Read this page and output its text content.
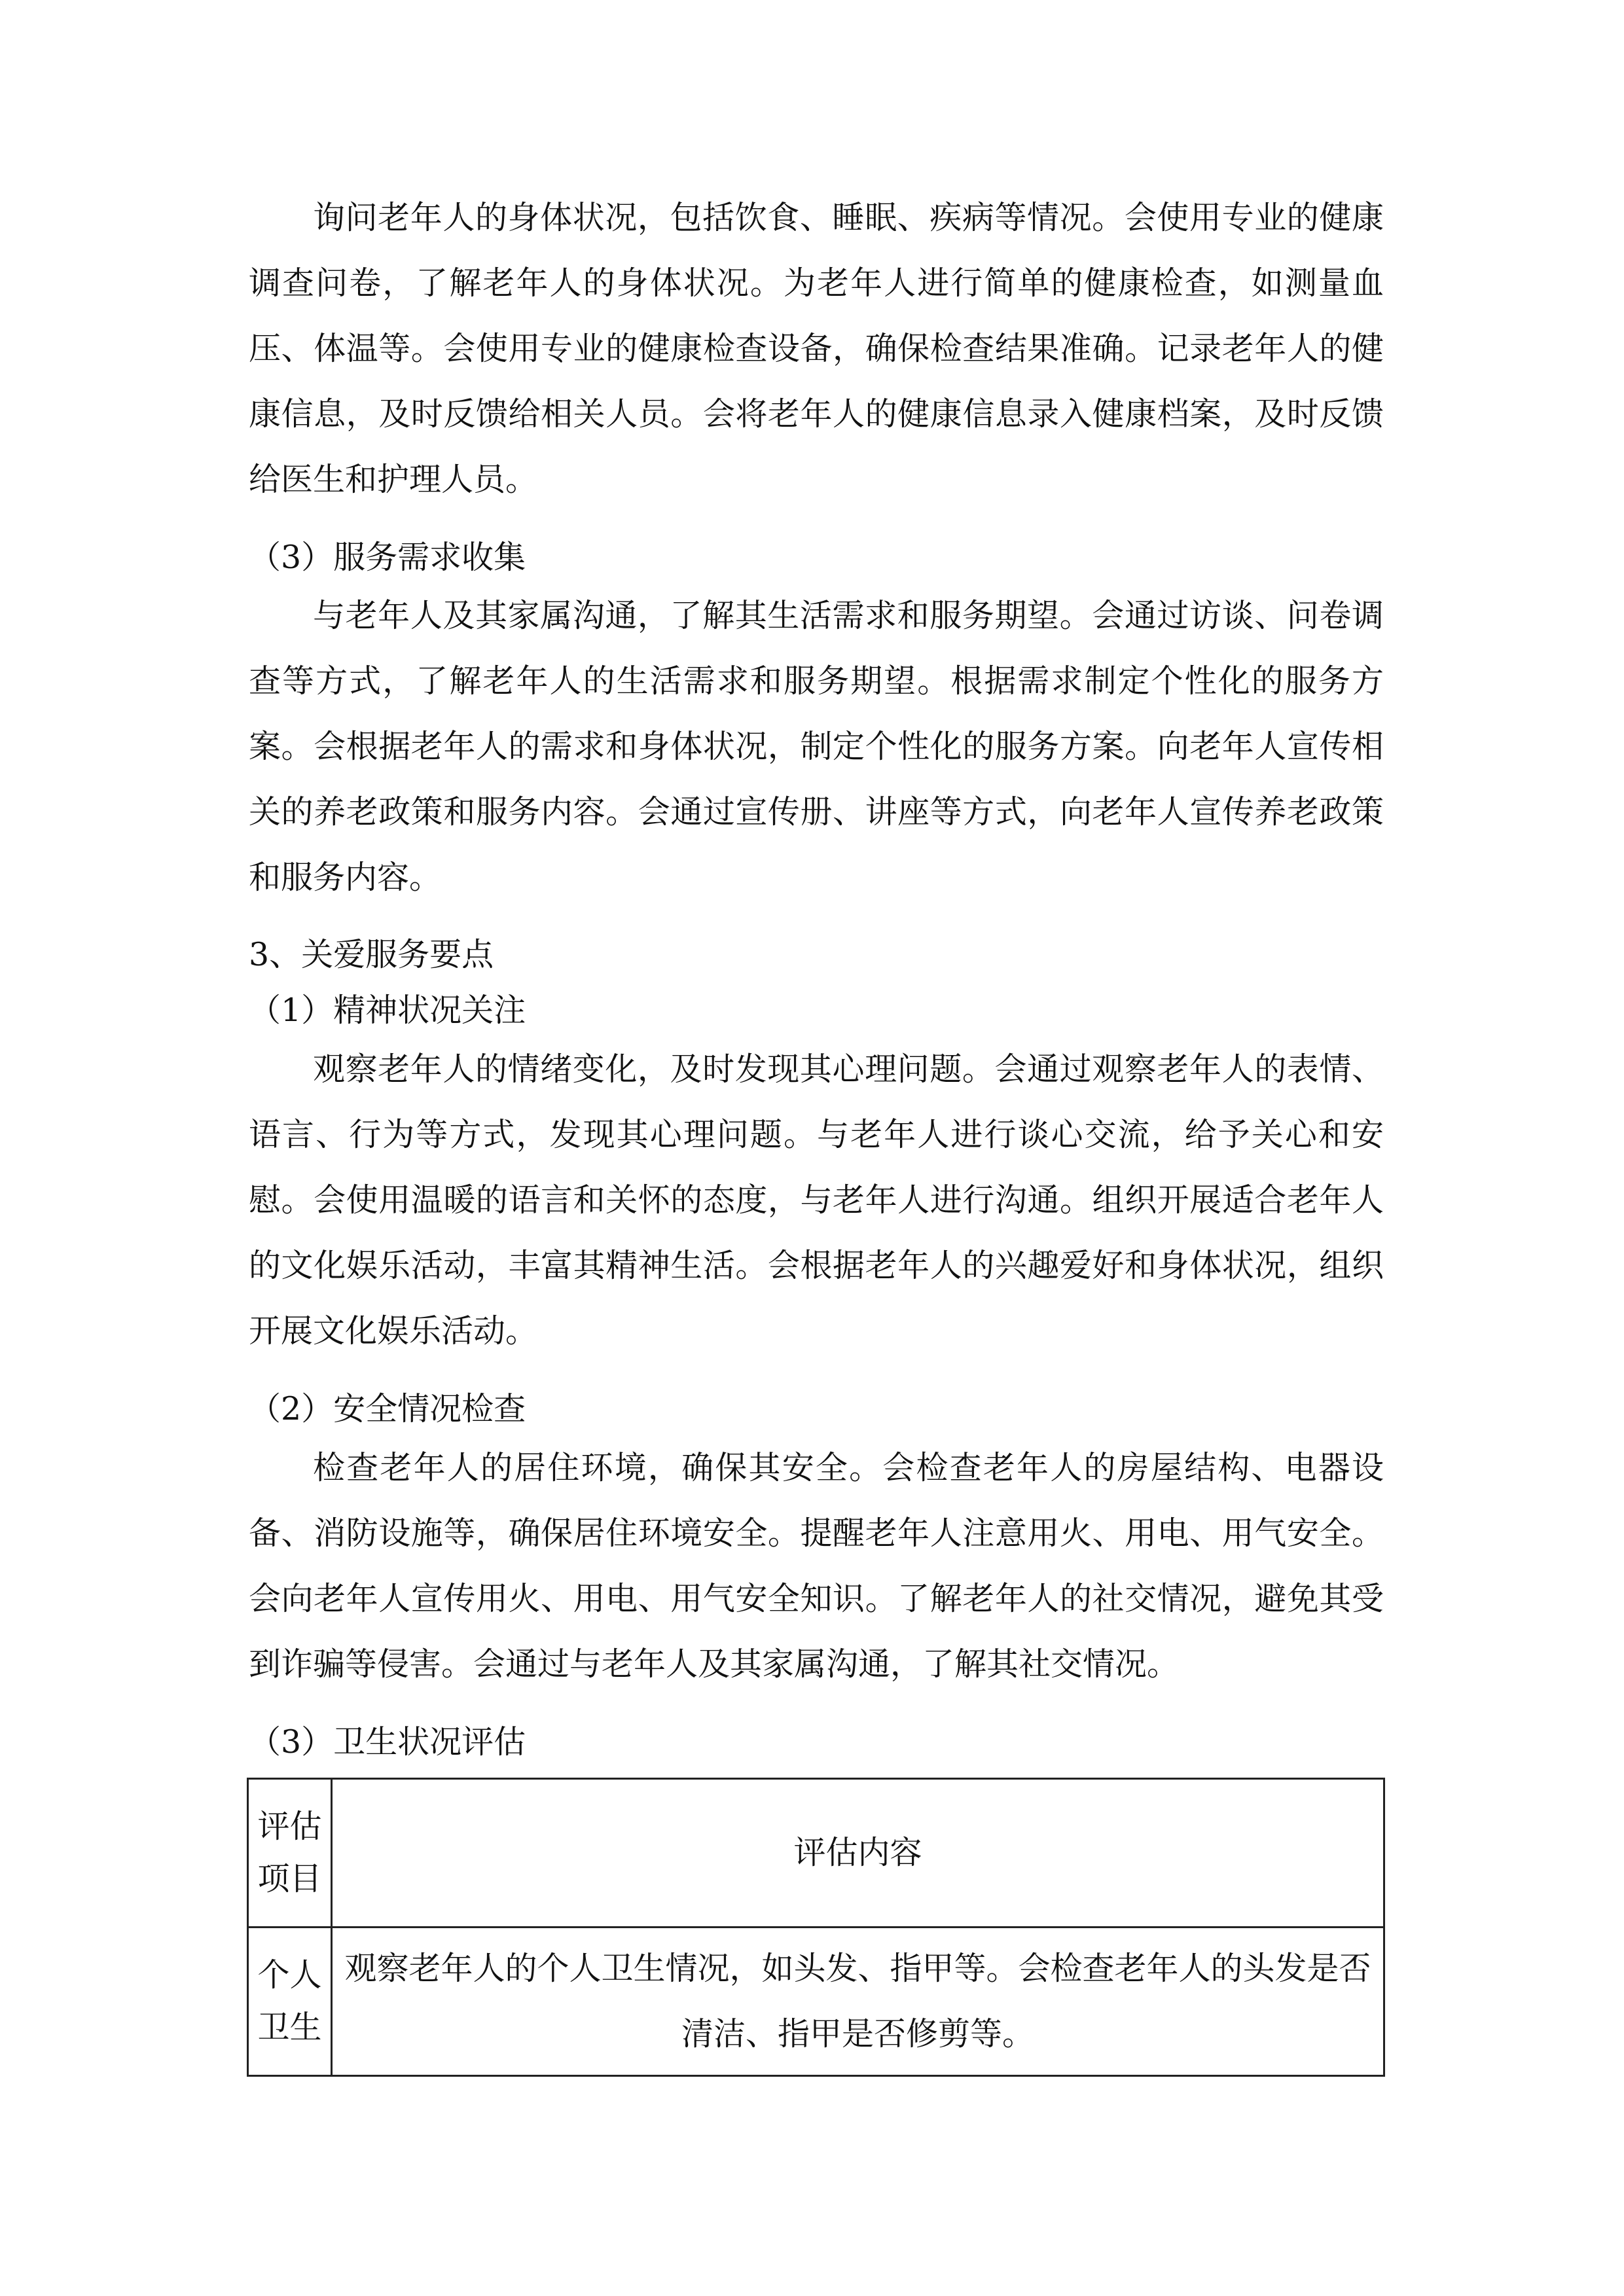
询问老年人的身体状况，包括饮食、睡眠、疾病等情况。会使用专业的健康调查问卷，了解老年人的身体状况。为老年人进行简单的健康检查，如测量血压、体温等。会使用专业的健康检查设备，确保检查结果准确。记录老年人的健康信息，及时反馈给相关人员。会将老年人的健康信息录入健康档案，及时反馈给医生和护理人员。

（3）服务需求收集

与老年人及其家属沟通，了解其生活需求和服务期望。会通过访谈、问卷调查等方式，了解老年人的生活需求和服务期望。根据需求制定个性化的服务方案。会根据老年人的需求和身体状况，制定个性化的服务方案。向老年人宣传相关的养老政策和服务内容。会通过宣传册、讲座等方式，向老年人宣传养老政策和服务内容。

3、关爱服务要点
（1）精神状况关注

观察老年人的情绪变化，及时发现其心理问题。会通过观察老年人的表情、语言、行为等方式，发现其心理问题。与老年人进行谈心交流，给予关心和安慰。会使用温暖的语言和关怀的态度，与老年人进行沟通。组织开展适合老年人的文化娱乐活动，丰富其精神生活。会根据老年人的兴趣爱好和身体状况，组织开展文化娱乐活动。

（2）安全情况检查

检查老年人的居住环境，确保其安全。会检查老年人的房屋结构、电器设备、消防设施等，确保居住环境安全。提醒老年人注意用火、用电、用气安全。会向老年人宣传用火、用电、用气安全知识。了解老年人的社交情况，避免其受到诈骗等侵害。会通过与老年人及其家属沟通，了解其社交情况。

（3）卫生状况评估
评估项目	评估内容
个人卫生	观察老年人的个人卫生情况，如头发、指甲等。会检查老年人的头发是否清洁、指甲是否修剪等。
